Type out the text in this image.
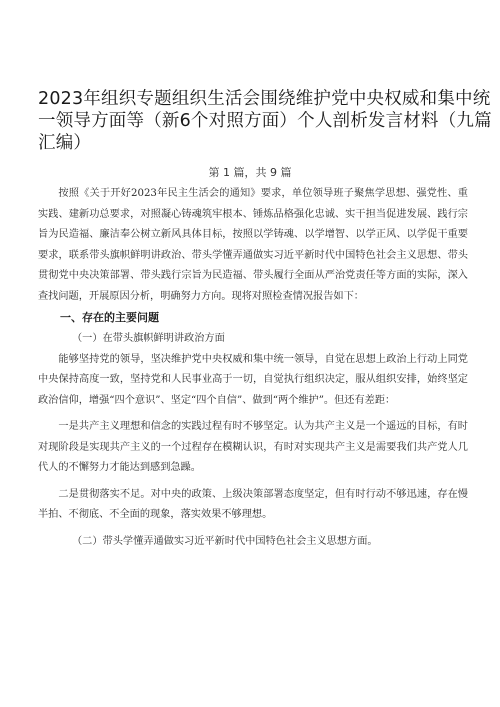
2023年组织专题组织生活会围绕维护党中央权威和集中统
一领导方面等（新6个对照方面）个人剖析发言材料（九篇
汇编）
第 1 篇，共 9 篇

按照《关于开好2023年民主生活会的通知》要求，单位领导班子聚焦学思想、强党性、重实践、建新功总要求，对照凝心铸魂筑牢根本、锤炼品格强化忠诚、实干担当促进发展、践行宗旨为民造福、廉洁奉公树立新风具体目标，按照以学铸魂、以学增智、以学正风、以学促干重要要求，联系带头旗帜鲜明讲政治、带头学懂弄通做实习近平新时代中国特色社会主义思想、带头贯彻党中央决策部署、带头践行宗旨为民造福、带头履行全面从严治党责任等方面的实际，深入查找问题，开展原因分析，明确努力方向。现将对照检查情况报告如下：

一、存在的主要问题

（一）在带头旗帜鲜明讲政治方面

能够坚持党的领导，坚决维护党中央权威和集中统一领导，自觉在思想上政治上行动上同党中央保持高度一致，坚持党和人民事业高于一切，自觉执行组织决定，服从组织安排，始终坚定政治信仰，增强“四个意识”、坚定“四个自信”、做到“两个维护”。但还有差距：

一是共产主义理想和信念的实践过程有时不够坚定。认为共产主义是一个遥远的目标，有时对现阶段是实现共产主义的一个过程存在模糊认识，有时对实现共产主义是需要我们共产党人几代人的不懈努力才能达到感到急躁。

二是贯彻落实不足。对中央的政策、上级决策部署态度坚定，但有时行动不够迅速，存在慢半拍、不彻底、不全面的现象，落实效果不够理想。

（二）带头学懂弄通做实习近平新时代中国特色社会主义思想方面。
